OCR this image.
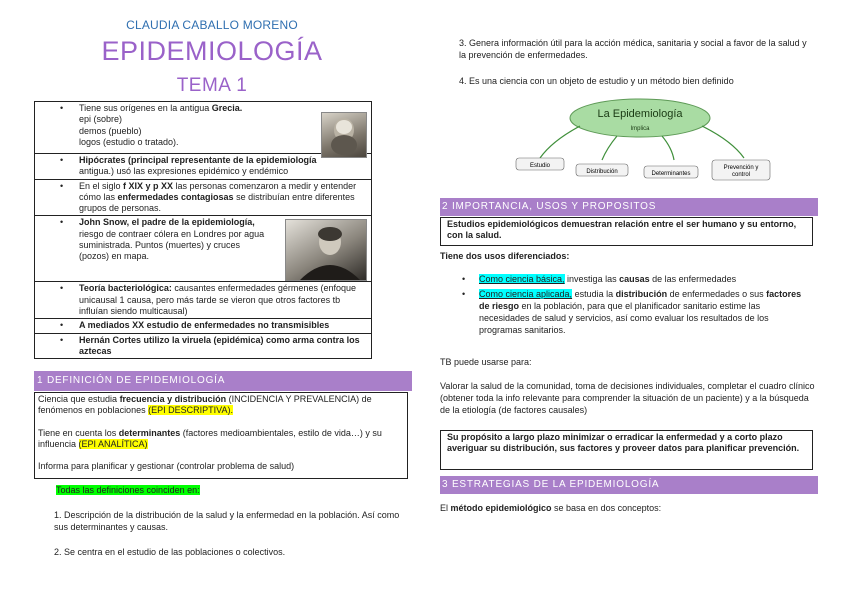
CLAUDIA CABALLO MORENO
EPIDEMIOLOGÍA
TEMA 1
• Tiene sus orígenes en la antigua Grecia.
epi (sobre)
demos (pueblo)
logos (estudio o tratado).
• Hipócrates (principal representante de la epidemiología
antigua.) usó las expresiones epidémico y endémico
• En el siglo f XIX y p XX las personas comenzaron a medir y entender cómo las enfermedades contagiosas se distribuían entre diferentes grupos de personas.
• John Snow, el padre de la epidemiología,
riesgo de contraer cólera en Londres por agua
suministrada. Puntos (muertes) y cruces
(pozos) en mapa.
• Teoría bacteriológica: causantes enfermedades gérmenes (enfoque unicausal 1 causa, pero más tarde se vieron que otros factores tb influían siendo multicausal)
• A mediados XX estudio de enfermedades no transmisibles
• Hernán Cortes utilizo la viruela (epidémica) como arma contra los aztecas
1 DEFINICIÓN DE EPIDEMIOLOGÍA
Ciencia que estudia frecuencia y distribución (INCIDENCIA Y PREVALENCIA) de fenómenos en poblaciones (EPI DESCRIPTIVA).
Tiene en cuenta los determinantes (factores medioambientales, estilo de vida…) y su influencia (EPI ANALÍTICA)
Informa para planificar y gestionar (controlar problema de salud)
Todas las definiciones coinciden en:
1. Descripción de la distribución de la salud y la enfermedad en la población. Así como sus determinantes y causas.
2. Se centra en el estudio de las poblaciones o colectivos.
3. Genera información útil para la acción médica, sanitaria y social a favor de la salud y la prevención de enfermedades.
4. Es una ciencia con un objeto de estudio y un método bien definido
La Epidemiología
Implica
Estudio
Distribución	Determinantes
Prevención y
control
2 IMPORTANCIA, USOS Y PROPOSITOS
Estudios epidemiológicos demuestran relación entre el ser humano y su entorno, con la salud.
Tiene dos usos diferenciados:
•	Como ciencia básica, investiga las causas de las enfermedades
•	Como ciencia aplicada, estudia la distribución de enfermedades o sus factores de riesgo en la población, para que el planificador sanitario estime las necesidades de salud y servicios, así como evaluar los resultados de los programas sanitarios.
TB puede usarse para:
Valorar la salud de la comunidad, toma de decisiones individuales, completar el cuadro clínico (obtener toda la info relevante para comprender la situación de un paciente) y a la búsqueda de la etiología (de factores causales)
Su propósito a largo plazo minimizar o erradicar la enfermedad y a corto plazo averiguar su distribución, sus factores y proveer datos para planificar prevención.
3 ESTRATEGIAS DE LA EPIDEMIOLOGÍA
El método epidemiológico se basa en dos conceptos:
